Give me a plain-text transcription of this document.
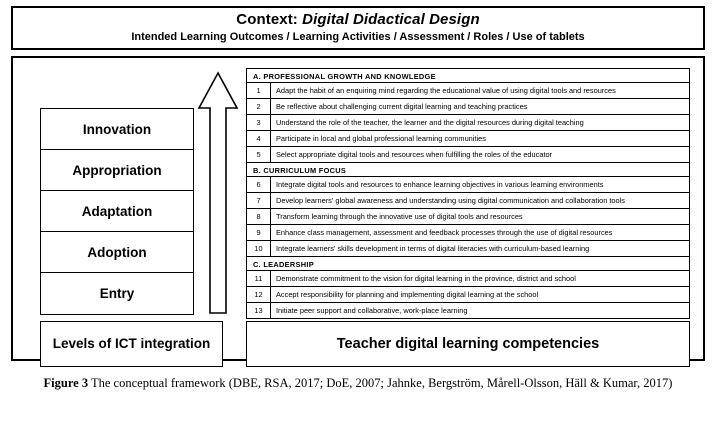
Context: Digital Didactical Design
Intended Learning Outcomes / Learning Activities / Assessment / Roles / Use of tablets
Innovation
Appropriation
Adaptation
Adoption
Entry
Levels of ICT integration
A. PROFESSIONAL GROWTH AND KNOWLEDGE
1	Adapt the habit of an enquiring mind regarding the educational value of using digital tools and resources
2	Be reflective about challenging current digital learning and teaching practices
3	Understand the role of the teacher, the learner and the digital resources during digital teaching
4	Participate in local and global professional learning communities
5	Select appropriate digital tools and resources when fulfilling the roles of the educator
B. CURRICULUM FOCUS
6	Integrate digital tools and resources to enhance learning objectives in various learning environments
7	Develop learners' global awareness and understanding using digital communication and collaboration tools
8	Transform learning through the innovative use of digital tools and resources
9	Enhance class management, assessment and feedback processes through the use of digital resources
10	Integrate learners' skills development in terms of digital literacies with curriculum-based learning
C. LEADERSHIP
11	Demonstrate commitment to the vision for digital learning in the province, district and school
12	Accept responsibility for planning and implementing digital learning at the school
13	Initiate peer support and collaborative, work-place learning
Teacher digital learning competencies
Figure 3 The conceptual framework (DBE, RSA, 2017; DoE, 2007; Jahnke, Bergström, Mårell-Olsson, Häll & Kumar, 2017)
